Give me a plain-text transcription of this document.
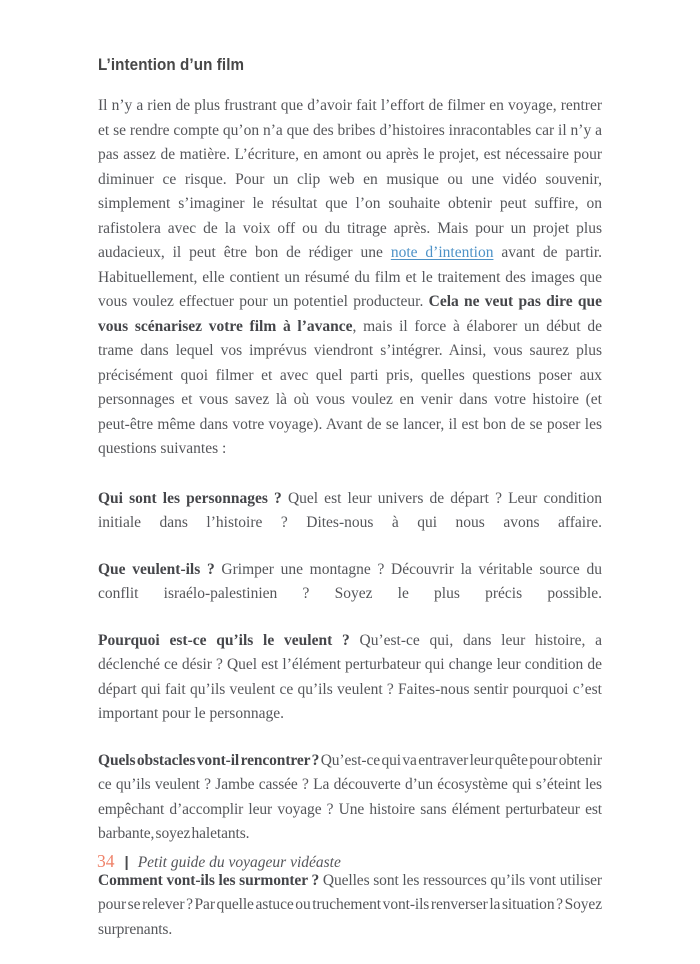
L’intention d’un film

Il n’y a rien de plus frustrant que d’avoir fait l’effort de filmer en voyage, rentrer et se rendre compte qu’on n’a que des bribes d’histoires inracontables car il n’y a pas assez de matière. L’écriture, en amont ou après le projet, est nécessaire pour diminuer ce risque. Pour un clip web en musique ou une vidéo souvenir, simplement s’imaginer le résultat que l’on souhaite obtenir peut suffire, on rafistolera avec de la voix off ou du titrage après. Mais pour un projet plus audacieux, il peut être bon de rédiger une note d’intention avant de partir. Habituellement, elle contient un résumé du film et le traitement des images que vous voulez effectuer pour un potentiel producteur. Cela ne veut pas dire que vous scénarisez votre film à l’avance, mais il force à élaborer un début de trame dans lequel vos imprévus viendront s’intégrer. Ainsi, vous saurez plus précisément quoi filmer et avec quel parti pris, quelles questions poser aux personnages et vous savez là où vous voulez en venir dans votre histoire (et peut-être même dans votre voyage). Avant de se lancer, il est bon de se poser les questions suivantes :

Qui sont les personnages ? Quel est leur univers de départ ? Leur condition initiale dans l’histoire ? Dites-nous à qui nous avons affaire.

Que veulent-ils ? Grimper une montagne ? Découvrir la véritable source du conflit israélo-palestinien ? Soyez le plus précis possible.

Pourquoi est-ce qu’ils le veulent ? Qu’est-ce qui, dans leur histoire, a déclenché ce désir ? Quel est l’élément perturbateur qui change leur condition de départ qui fait qu’ils veulent ce qu’ils veulent ? Faites-nous sentir pourquoi c’est important pour le personnage.

Quels obstacles vont-il rencontrer ? Qu’est-ce qui va entraver leur quête pour obtenir ce qu’ils veulent ? Jambe cassée ? La découverte d’un écosystème qui s’éteint les empêchant d’accomplir leur voyage ? Une histoire sans élément perturbateur est barbante, soyez haletants.

Comment vont-ils les surmonter ? Quelles sont les ressources qu’ils vont utiliser pour se relever ? Par quelle astuce ou truchement vont-ils renverser la situation ? Soyez surprenants.

34 | Petit guide du voyageur vidéaste
